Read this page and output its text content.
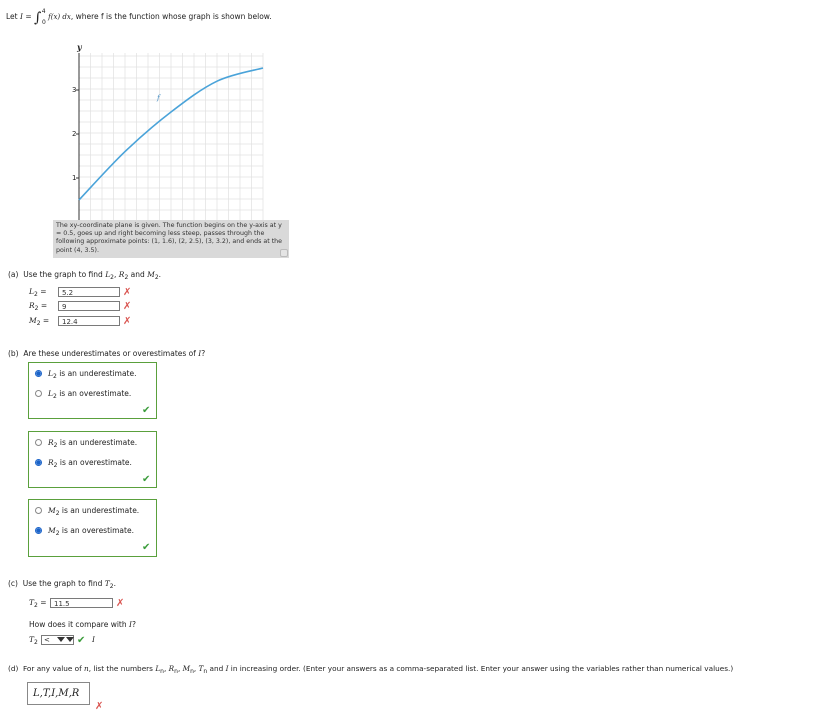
Let I = ∫ $^4$ $_0$ f(x) dx, where f is the function whose graph is shown below.
y
f
3
2
1
The xy-coordinate plane is given. The function begins on the y-axis at y = 0.5, goes up and right becoming less steep, passes through the following approximate points: (1, 1.6), (2, 2.5), (3, 3.2), and ends at the point (4, 3.5).
(a)  Use the graph to find $L_2$, $R_2$ and $M_2$.
$L_2$ =	5.2	✗
$R_2$ =	9	✗
$M_2$ =	12.4	✗
(b)  Are these underestimates or overestimates of I?
$L_2$ is an underestimate.
$L_2$ is an overestimate.
✔
$R_2$ is an underestimate.
$R_2$ is an overestimate.
✔
$M_2$ is an underestimate.
$M_2$ is an overestimate.
✔
(c)  Use the graph to find $T_2$.
$T_2$ =	11.5	✗
How does it compare with I?
$T_2$ <	✔ I
(d)  For any value of n, list the numbers $L_n$, $R_n$, $M_n$, $T_n$ and I in increasing order. (Enter your answers as a comma-separated list. Enter your answer using the variables rather than numerical values.)
L,T,I,M,R
✗
